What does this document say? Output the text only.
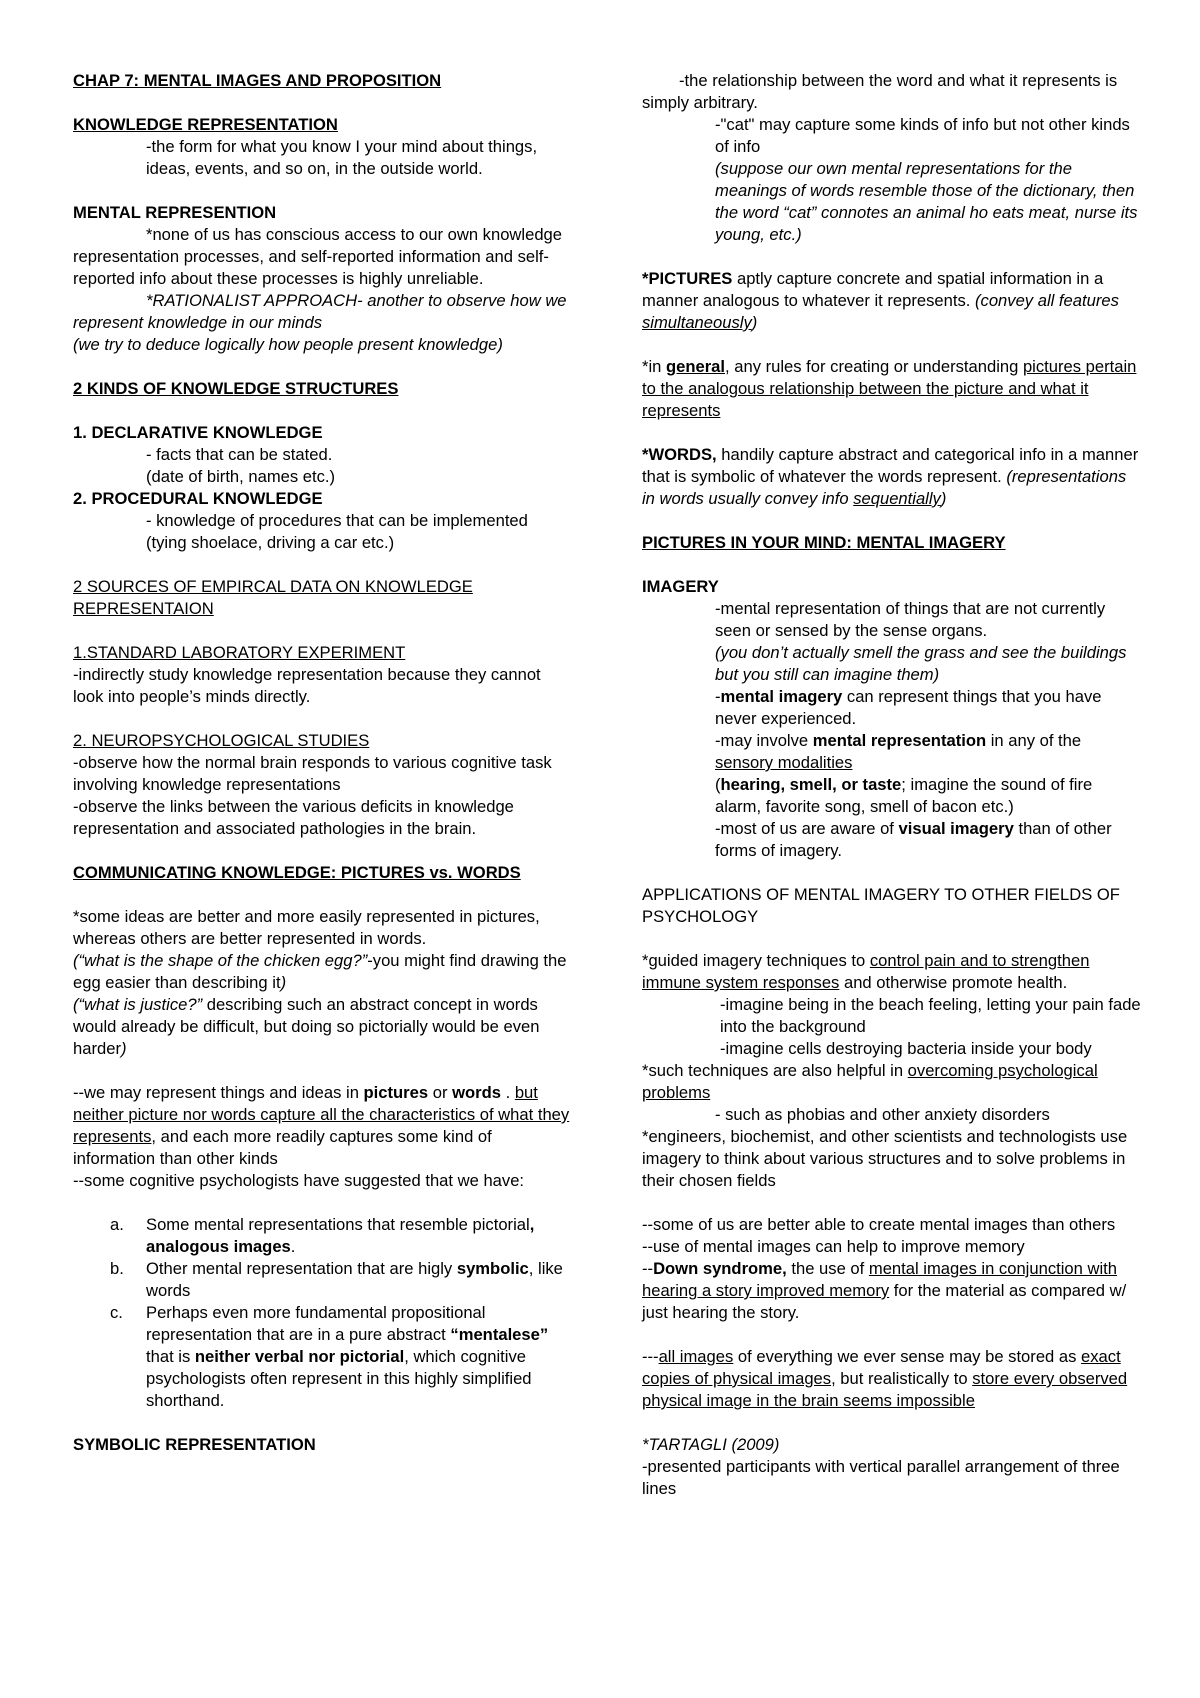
CHAP 7: MENTAL IMAGES AND PROPOSITION

KNOWLEDGE REPRESENTATION

-the form for what you know I your mind about things, ideas, events, and so on, in the outside world.

MENTAL REPRESENTION

*none of us has conscious access to our own knowledge representation processes, and self-reported information and self-reported info about these processes is highly unreliable.

*RATIONALIST APPROACH- another to observe how we represent knowledge in our minds

(we try to deduce logically how people present knowledge)

2 KINDS OF KNOWLEDGE STRUCTURES

1. DECLARATIVE KNOWLEDGE

- facts that can be stated.

(date of birth, names etc.)

2. PROCEDURAL KNOWLEDGE

- knowledge of procedures that can be implemented

(tying shoelace, driving a car etc.)

2 SOURCES OF EMPIRCAL DATA ON KNOWLEDGE REPRESENTAION

1.STANDARD LABORATORY EXPERIMENT

-indirectly study knowledge representation because they cannot look into people’s minds directly.

2. NEUROPSYCHOLOGICAL STUDIES

-observe how the normal brain responds to various cognitive task involving knowledge representations

-observe the links between the various deficits in knowledge representation and associated pathologies in the brain.

COMMUNICATING KNOWLEDGE: PICTURES vs. WORDS

*some ideas are better and more easily represented in pictures, whereas others are better represented in words.

(“what is the shape of the chicken egg?”-you might find drawing the egg easier than describing it)

(“what is justice?” describing such an abstract concept in words would already be difficult, but doing so pictorially would be even harder)

--we may represent things and ideas in pictures or words . but neither picture nor words capture all the characteristics of what they represents, and each more readily captures some kind of information than other kinds

--some cognitive psychologists have suggested that we have:

a. Some mental representations that resemble pictorial, analogous images.
b. Other mental representation that are higly symbolic, like words
c. Perhaps even more fundamental propositional representation that are in a pure abstract “mentalese” that is neither verbal nor pictorial, which cognitive psychologists often represent in this highly simplified shorthand.

SYMBOLIC REPRESENTATION

-the relationship between the word and what it represents is simply arbitrary.

-"cat" may capture some kinds of info but not other kinds of info

(suppose our own mental representations for the meanings of words resemble those of the dictionary, then the word “cat” connotes an animal ho eats meat, nurse its young, etc.)

*PICTURES aptly capture concrete and spatial information in a manner analogous to whatever it represents. (convey all features simultaneously)

*in general, any rules for creating or understanding pictures pertain to the analogous relationship between the picture and what it represents

*WORDS, handily capture abstract and categorical info in a manner that is symbolic of whatever the words represent. (representations in words usually convey info sequentially)

PICTURES IN YOUR MIND: MENTAL IMAGERY

IMAGERY

-mental representation of things that are not currently seen or sensed by the sense organs.

(you don’t actually smell the grass and see the buildings but you still can imagine them)

-mental imagery can represent things that you have never experienced.

-may involve mental representation in any of the sensory modalities

(hearing, smell, or taste; imagine the sound of fire alarm, favorite song, smell of bacon etc.)

-most of us are aware of visual imagery than of other forms of imagery.

APPLICATIONS OF MENTAL IMAGERY TO OTHER FIELDS OF PSYCHOLOGY

*guided imagery techniques to control pain and to strengthen immune system responses and otherwise promote health.

-imagine being in the beach feeling, letting your pain fade into the background

-imagine cells destroying bacteria inside your body

*such techniques are also helpful in overcoming psychological problems

- such as phobias and other anxiety disorders

*engineers, biochemist, and other scientists and technologists use imagery to think about various structures and to solve problems in their chosen fields

--some of us are better able to create mental images than others

--use of mental images can help to improve memory

--Down syndrome, the use of mental images in conjunction with hearing a story improved memory for the material as compared w/ just hearing the story.

---all images of everything we ever sense may be stored as exact copies of physical images, but realistically to store every observed physical image in the brain seems impossible

*TARTAGLI (2009)

-presented participants with vertical parallel arrangement of three lines
